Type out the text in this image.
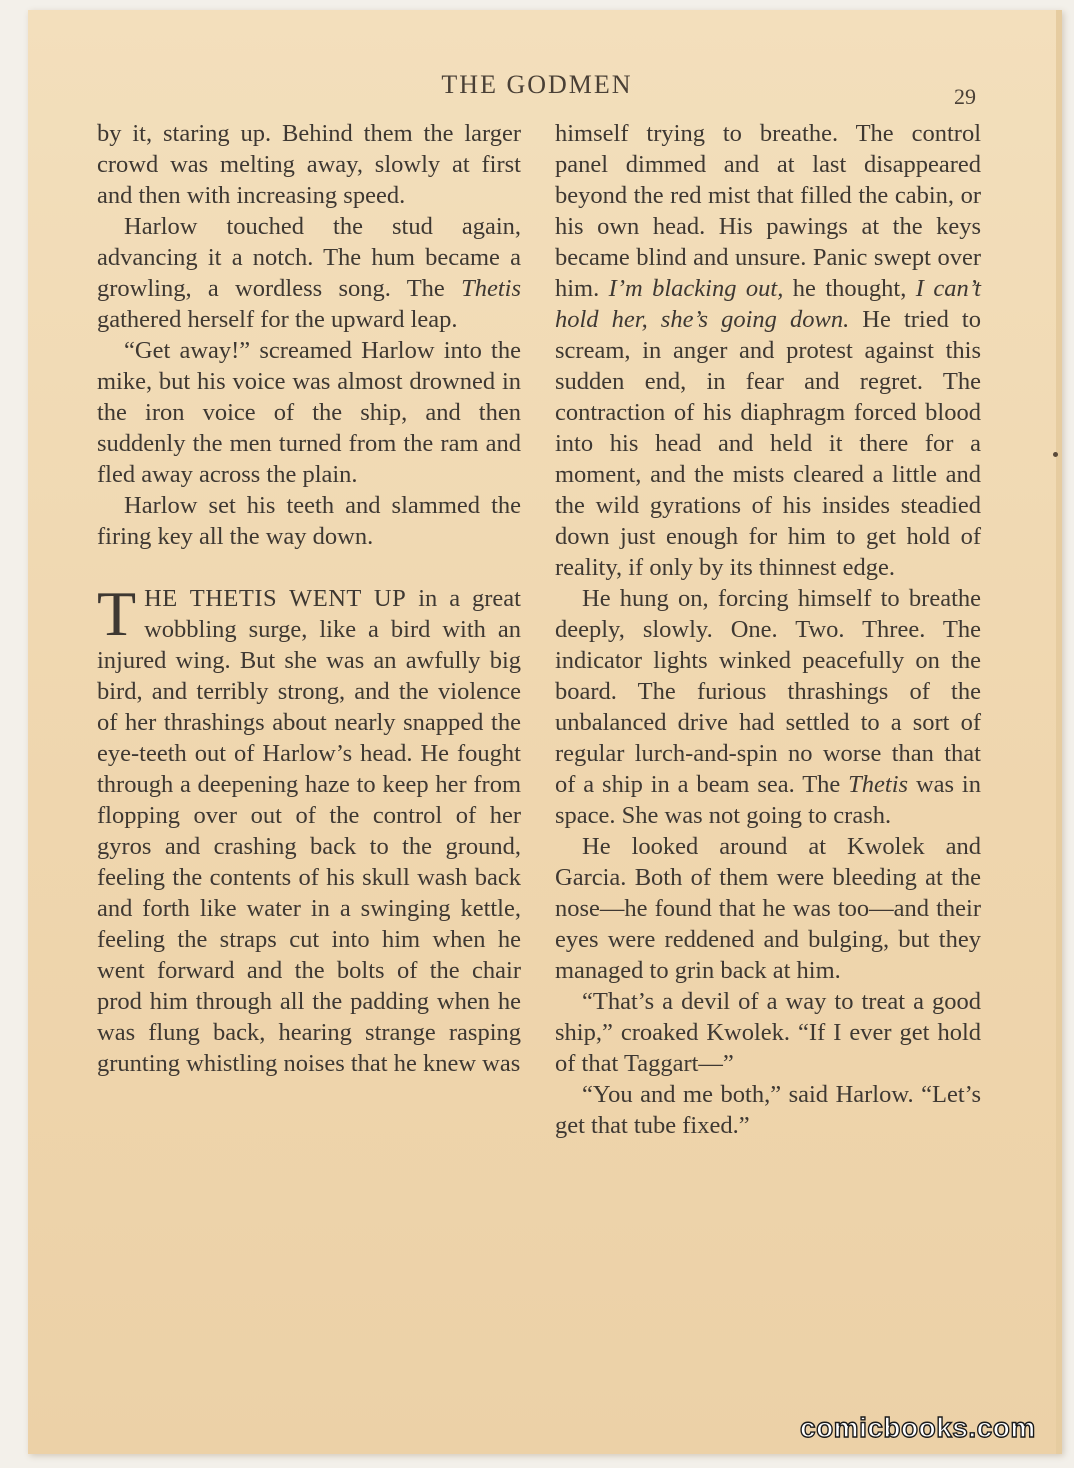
THE GODMEN	29

by it, staring up. Behind them the larger crowd was melting away, slowly at first and then with increasing speed.

Harlow touched the stud again, advancing it a notch. The hum became a growling, a wordless song. The Thetis gathered herself for the upward leap.

“Get away!” screamed Harlow into the mike, but his voice was almost drowned in the iron voice of the ship, and then suddenly the men turned from the ram and fled away across the plain.

Harlow set his teeth and slammed the firing key all the way down.

THE THETIS WENT UP in a great wobbling surge, like a bird with an injured wing. But she was an awfully big bird, and terribly strong, and the violence of her thrashings about nearly snapped the eye-teeth out of Harlow’s head. He fought through a deepening haze to keep her from flopping over out of the control of her gyros and crashing back to the ground, feeling the contents of his skull wash back and forth like water in a swinging kettle, feeling the straps cut into him when he went forward and the bolts of the chair prod him through all the padding when he was flung back, hearing strange rasping grunting whistling noises that he knew was

himself trying to breathe. The control panel dimmed and at last disappeared beyond the red mist that filled the cabin, or his own head. His pawings at the keys became blind and unsure. Panic swept over him. I’m blacking out, he thought, I can’t hold her, she’s going down. He tried to scream, in anger and protest against this sudden end, in fear and regret. The contraction of his diaphragm forced blood into his head and held it there for a moment, and the mists cleared a little and the wild gyrations of his insides steadied down just enough for him to get hold of reality, if only by its thinnest edge.

He hung on, forcing himself to breathe deeply, slowly. One. Two. Three. The indicator lights winked peacefully on the board. The furious thrashings of the unbalanced drive had settled to a sort of regular lurch-and-spin no worse than that of a ship in a beam sea. The Thetis was in space. She was not going to crash.

He looked around at Kwolek and Garcia. Both of them were bleeding at the nose—he found that he was too—and their eyes were reddened and bulging, but they managed to grin back at him.

“That’s a devil of a way to treat a good ship,” croaked Kwolek. “If I ever get hold of that Taggart—”

“You and me both,” said Harlow. “Let’s get that tube fixed.”

comicbooks.com
